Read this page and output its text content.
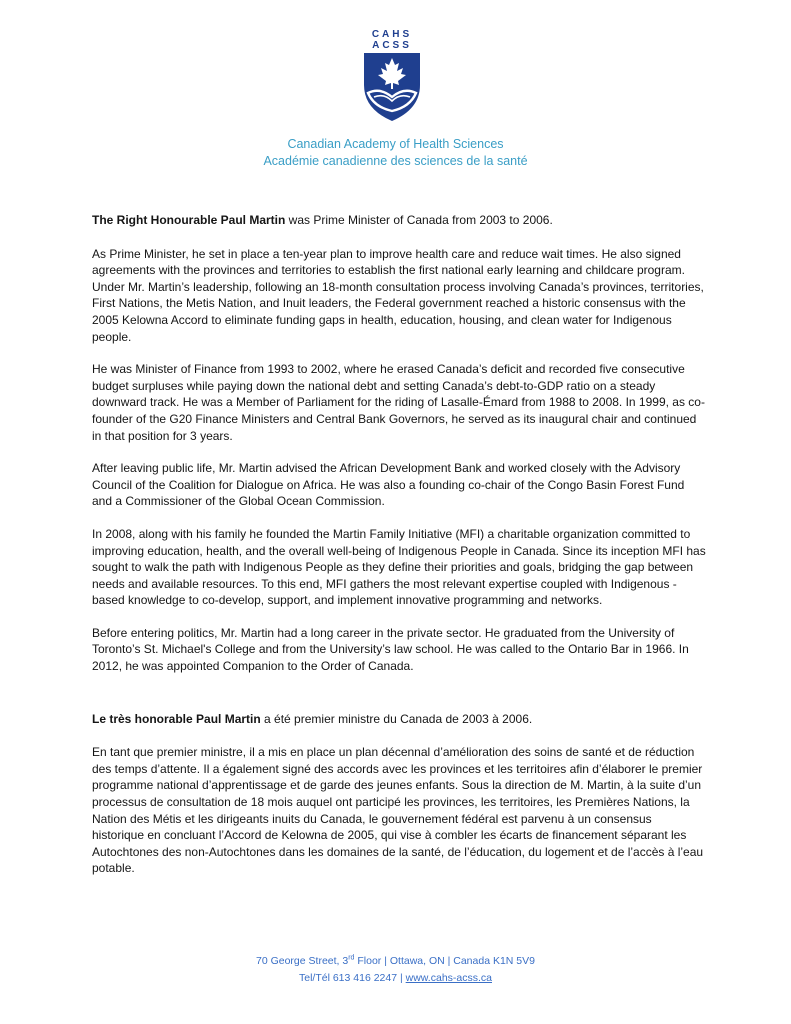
CAHS
ACSS
Canadian Academy of Health Sciences
Académie canadienne des sciences de la santé

The Right Honourable Paul Martin was Prime Minister of Canada from 2003 to 2006.

As Prime Minister, he set in place a ten-year plan to improve health care and reduce wait times. He also signed agreements with the provinces and territories to establish the first national early learning and childcare program. Under Mr. Martin’s leadership, following an 18-month consultation process involving Canada’s provinces, territories, First Nations, the Metis Nation, and Inuit leaders, the Federal government reached a historic consensus with the 2005 Kelowna Accord to eliminate funding gaps in health, education, housing, and clean water for Indigenous people.

He was Minister of Finance from 1993 to 2002, where he erased Canada’s deficit and recorded five consecutive budget surpluses while paying down the national debt and setting Canada’s debt-to-GDP ratio on a steady downward track. He was a Member of Parliament for the riding of Lasalle-Émard from 1988 to 2008. In 1999, as co-founder of the G20 Finance Ministers and Central Bank Governors, he served as its inaugural chair and continued in that position for 3 years.

After leaving public life, Mr. Martin advised the African Development Bank and worked closely with the Advisory Council of the Coalition for Dialogue on Africa. He was also a founding co-chair of the Congo Basin Forest Fund and a Commissioner of the Global Ocean Commission.

In 2008, along with his family he founded the Martin Family Initiative (MFI) a charitable organization committed to improving education, health, and the overall well-being of Indigenous People in Canada. Since its inception MFI has sought to walk the path with Indigenous People as they define their priorities and goals, bridging the gap between needs and available resources. To this end, MFI gathers the most relevant expertise coupled with Indigenous -based knowledge to co-develop, support, and implement innovative programming and networks.

Before entering politics, Mr. Martin had a long career in the private sector. He graduated from the University of Toronto’s St. Michael's College and from the University’s law school. He was called to the Ontario Bar in 1966. In 2012, he was appointed Companion to the Order of Canada.

Le très honorable Paul Martin a été premier ministre du Canada de 2003 à 2006.

En tant que premier ministre, il a mis en place un plan décennal d’amélioration des soins de santé et de réduction des temps d’attente. Il a également signé des accords avec les provinces et les territoires afin d’élaborer le premier programme national d’apprentissage et de garde des jeunes enfants. Sous la direction de M. Martin, à la suite d’un processus de consultation de 18 mois auquel ont participé les provinces, les territoires, les Premières Nations, la Nation des Métis et les dirigeants inuits du Canada, le gouvernement fédéral est parvenu à un consensus historique en concluant l’Accord de Kelowna de 2005, qui vise à combler les écarts de financement séparant les Autochtones des non-Autochtones dans les domaines de la santé, de l’éducation, du logement et de l’accès à l’eau potable.

70 George Street, 3rd Floor | Ottawa, ON | Canada K1N 5V9
Tel/Tél 613 416 2247 | www.cahs-acss.ca
